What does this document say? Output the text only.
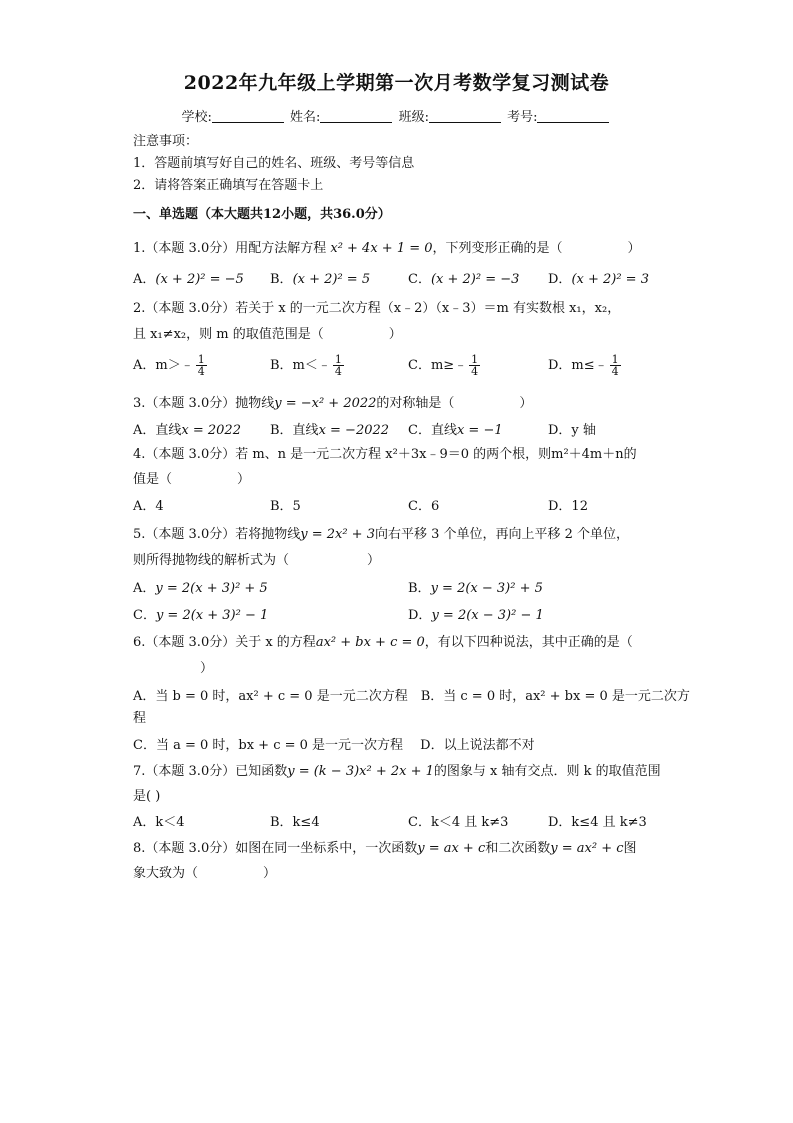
2022年九年级上学期第一次月考数学复习测试卷
学校:	姓名:	班级:	考号:
注意事项：
1．答题前填写好自己的姓名、班级、考号等信息
2．请将答案正确填写在答题卡上
一、单选题（本大题共12小题，共36.0分）
1.（本题 3.0分）用配方法解方程 x² + 4x + 1 = 0，下列变形正确的是（　　　　　）
A．(x + 2)² = −5 B．(x + 2)² = 5	C．(x + 2)² = −3 D．(x + 2)² = 3
2.（本题 3.0分）若关于 x 的一元二次方程（x﹣2）（x﹣3）＝m 有实数根 x₁，x₂，
且 x₁≠x₂，则 m 的取值范围是（　　　　　）
A．m＞﹣ $\frac{1}{4}$	B．m＜﹣ $\frac{1}{4}$	C．m≥﹣ $\frac{1}{4}$	D．m≤﹣ $\frac{1}{4}$
3.（本题 3.0分）抛物线y = −x² + 2022的对称轴是（　　　　　）
A．直线x = 2022 B．直线x = −2022 C．直线x = −1	D．y 轴
4.（本题 3.0分）若 m、n 是一元二次方程 x²＋3x﹣9＝0 的两个根，则m²＋4m＋n的
值是（　　　　　）
A．4	B．5	C．6	D．12
5.（本题 3.0分）若将抛物线y = 2x² + 3向右平移 3 个单位，再向上平移 2 个单位，
则所得抛物线的解析式为（　　　　　　）
A．y = 2(x + 3)² + 5	B．y = 2(x − 3)² + 5
C．y = 2(x + 3)² − 1	D．y = 2(x − 3)² − 1
6.（本题 3.0分）关于 x 的方程ax² + bx + c = 0，有以下四种说法，其中正确的是（
）
A．当 b = 0 时，ax² + c = 0 是一元二次方程　B．当 c = 0 时，ax² + bx = 0 是一元二次方
程
C．当 a = 0 时，bx + c = 0 是一元一次方程　 D．以上说法都不对
7.（本题 3.0分）已知函数y = (k − 3)x² + 2x + 1的图象与 x 轴有交点．则 k 的取值范围
是( )
A．k＜4	B．k≤4	C．k＜4 且 k≠3	D．k≤4 且 k≠3
8.（本题 3.0分）如图在同一坐标系中，一次函数y = ax + c和二次函数y = ax² + c图
象大致为（　　　　　）
